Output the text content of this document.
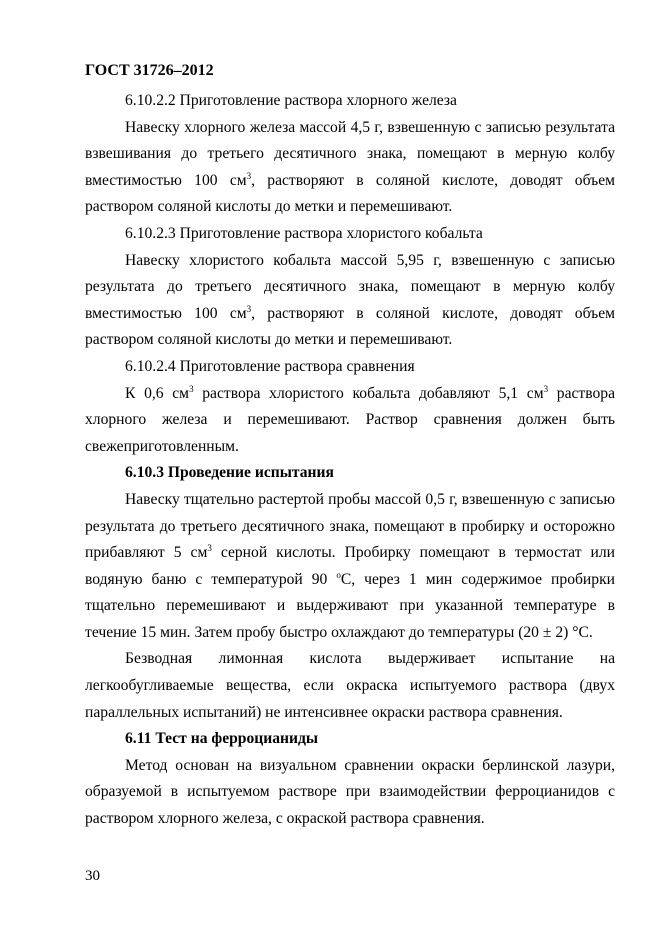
ГОСТ 31726–2012

6.10.2.2 Приготовление раствора хлорного железа

Навеску хлорного железа массой 4,5 г, взвешенную с записью результата взвешивания до третьего десятичного знака, помещают в мерную колбу вместимостью 100 $см^3$, растворяют в соляной кислоте, доводят объем раствором соляной кислоты до метки и перемешивают.

6.10.2.3 Приготовление раствора хлористого кобальта

Навеску хлористого кобальта массой 5,95 г, взвешенную с записью результата до третьего десятичного знака, помещают в мерную колбу вместимостью 100 $см^3$, растворяют в соляной кислоте, доводят объем раствором соляной кислоты до метки и перемешивают.

6.10.2.4 Приготовление раствора сравнения

К 0,6 $см^3$ раствора хлористого кобальта добавляют 5,1 $см^3$ раствора хлорного железа и перемешивают. Раствор сравнения должен быть свежеприготовленным.

6.10.3 Проведение испытания

Навеску тщательно растертой пробы массой 0,5 г, взвешенную с записью результата до третьего десятичного знака, помещают в пробирку и осторожно прибавляют 5 $см^3$ серной кислоты. Пробирку помещают в термостат или водяную баню с температурой 90 $^o$С, через 1 мин содержимое пробирки тщательно перемешивают и выдерживают при указанной температуре в течение 15 мин. Затем пробу быстро охлаждают до температуры (20 ± 2) °С.

Безводная лимонная кислота выдерживает испытание на легкообугливаемые вещества, если окраска испытуемого раствора (двух параллельных испытаний) не интенсивнее окраски раствора сравнения.

6.11 Тест на ферроцианиды

Метод основан на визуальном сравнении окраски берлинской лазури, образуемой в испытуемом растворе при взаимодействии ферроцианидов с раствором хлорного железа, с окраской раствора сравнения.

30
